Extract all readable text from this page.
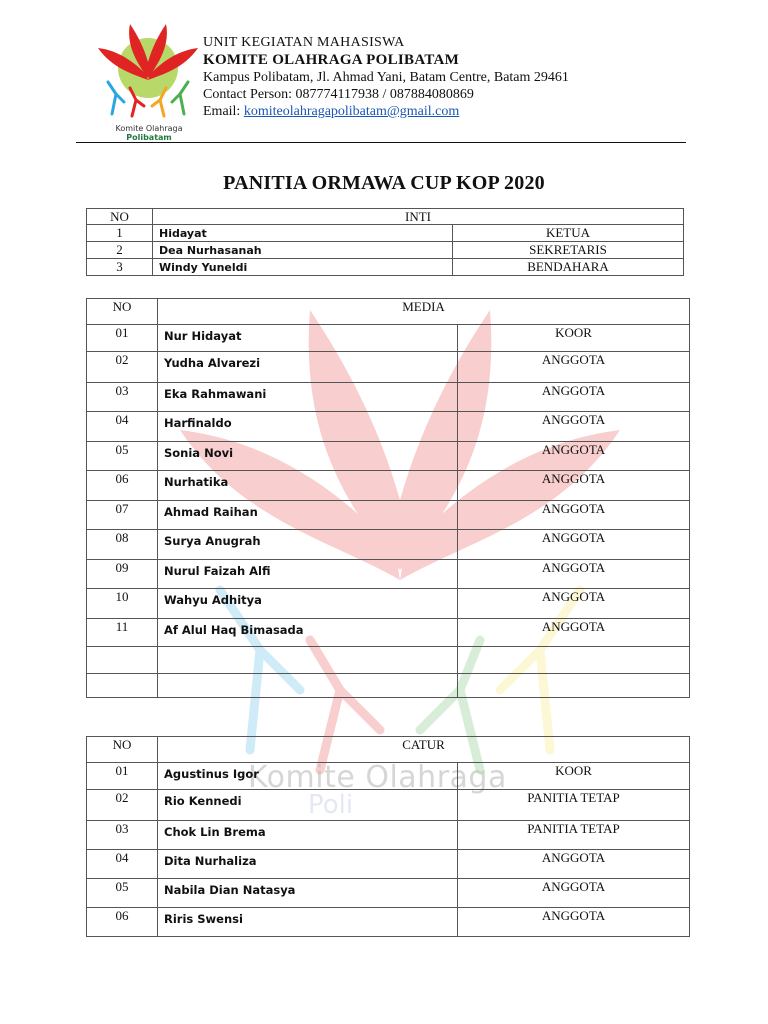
Komite Olahraga
Poli
Komite Olahraga
Polibatam
UNIT KEGIATAN MAHASISWA
KOMITE OLAHRAGA POLIBATAM
Kampus Polibatam, Jl. Ahmad Yani, Batam Centre, Batam 29461
Contact Person: 087774117938 / 087884080869
Email: komiteolahragapolibatam@gmail.com
PANITIA ORMAWA CUP KOP 2020
NO	INTI	
1	Hidayat	KETUA
2	Dea Nurhasanah	SEKRETARIS
3	Windy Yuneldi	BENDAHARA
NO	MEDIA	
01	Nur Hidayat	KOOR
02	Yudha Alvarezi	ANGGOTA
03	Eka Rahmawani	ANGGOTA
04	Harfinaldo	ANGGOTA
05	Sonia Novi	ANGGOTA
06	Nurhatika	ANGGOTA
07	Ahmad Raihan	ANGGOTA
08	Surya Anugrah	ANGGOTA
09	Nurul Faizah Alfi	ANGGOTA
10	Wahyu Adhitya	ANGGOTA
11	Af Alul Haq Bimasada	ANGGOTA

NO	CATUR	
01	Agustinus Igor	KOOR
02	Rio Kennedi	PANITIA TETAP
03	Chok Lin Brema	PANITIA TETAP
04	Dita Nurhaliza	ANGGOTA
05	Nabila Dian Natasya	ANGGOTA
06	Riris Swensi	ANGGOTA
